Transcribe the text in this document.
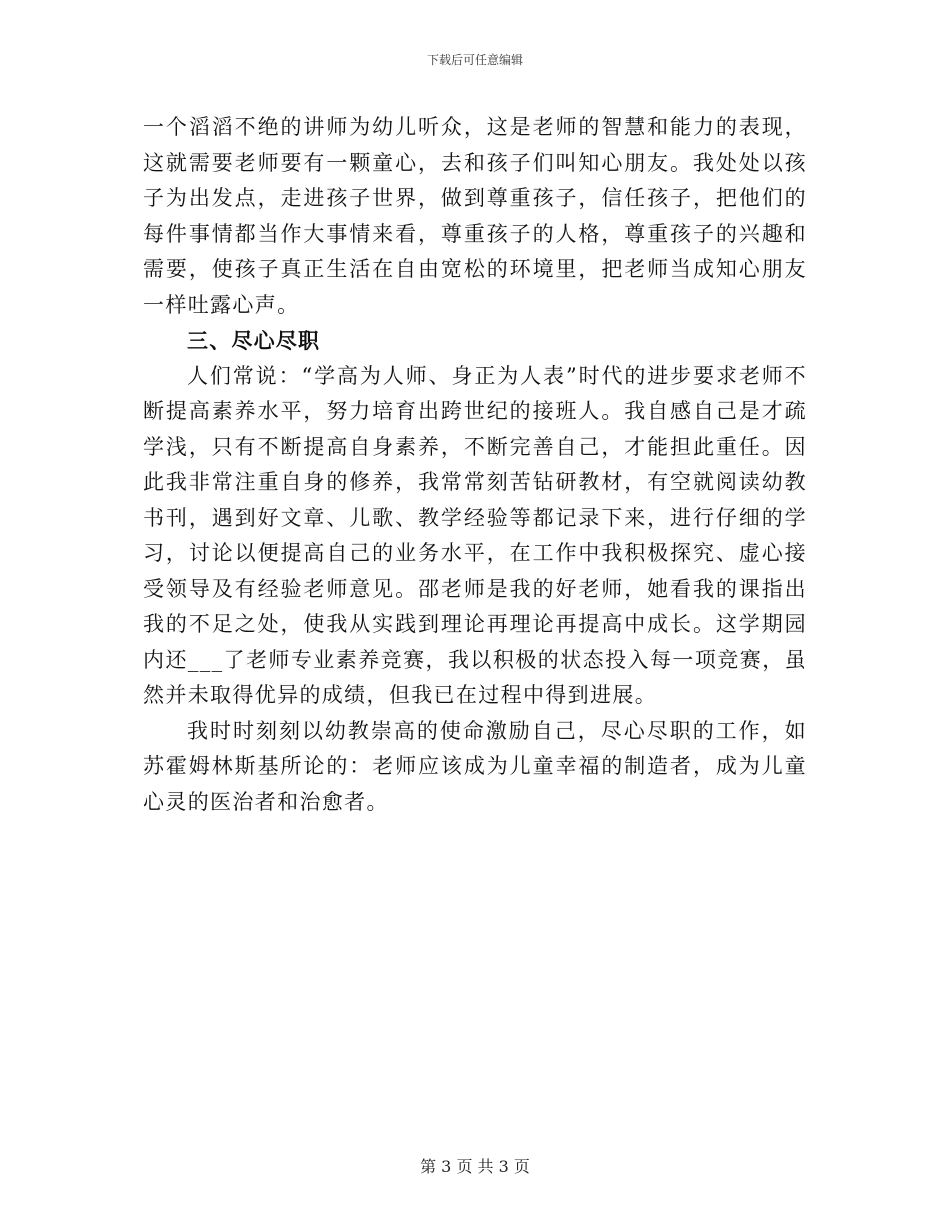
下载后可任意编辑

一个滔滔不绝的讲师为幼儿听众，这是老师的智慧和能力的表现，这就需要老师要有一颗童心，去和孩子们叫知心朋友。我处处以孩子为出发点，走进孩子世界，做到尊重孩子，信任孩子，把他们的每件事情都当作大事情来看，尊重孩子的人格，尊重孩子的兴趣和需要，使孩子真正生活在自由宽松的环境里，把老师当成知心朋友一样吐露心声。

三、尽心尽职

人们常说：“学高为人师、身正为人表”时代的进步要求老师不断提高素养水平，努力培育出跨世纪的接班人。我自感自己是才疏学浅，只有不断提高自身素养，不断完善自己，才能担此重任。因此我非常注重自身的修养，我常常刻苦钻研教材，有空就阅读幼教书刊，遇到好文章、儿歌、教学经验等都记录下来，进行仔细的学习，讨论以便提高自己的业务水平，在工作中我积极探究、虚心接受领导及有经验老师意见。邵老师是我的好老师，她看我的课指出我的不足之处，使我从实践到理论再理论再提高中成长。这学期园内还___了老师专业素养竞赛，我以积极的状态投入每一项竞赛，虽然并未取得优异的成绩，但我已在过程中得到进展。

我时时刻刻以幼教崇高的使命激励自己，尽心尽职的工作，如苏霍姆林斯基所论的：老师应该成为儿童幸福的制造者，成为儿童心灵的医治者和治愈者。

第 3 页 共 3 页
